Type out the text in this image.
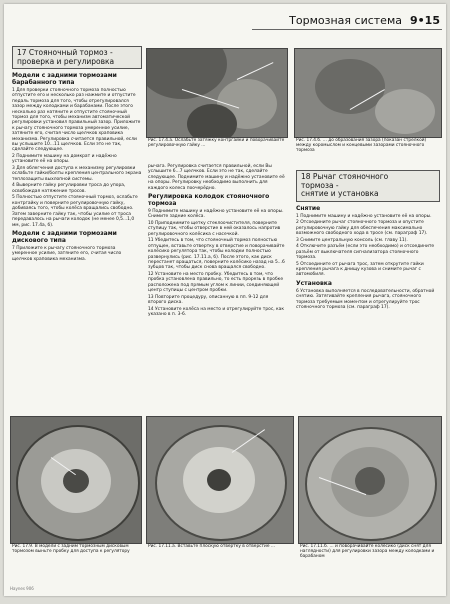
Тормозная система 9•15
17 Стояночный тормоз -
проверка и регулировка
Модели с задними тормозами
барабанного типа

1 Для проверки стояночного тормоза полностью отпустите его и несколько раз нажмите и отпустите педаль тормоза для того, чтобы отрегулировался зазор между колодками и барабанами. После этого несколько раз натяните и отпустите стояночный тормоз для того, чтобы механизм автоматической регулировки установил правильный зазор. Приложите к рычагу стояночного тормоза умеренное усилие, затяните его, считая число щелчков храповика механизма. Регулировка считается правильной, если вы услышите 10...11 щелчков. Если это не так, сделайте следующее.

2 Поднимите машину на домкрат и надёжно установите её на опоры.

3 Для облегчения доступа к механизму регулировки ослабьте гайки/болты крепления центрального экрана теплозащиты выхлопной системы.

4 Выверните гайку регулировки троса до упора, освобождая натяжение тросов.

5 Полностью отпустите стояночный тормоз, ослабьте контргайку и поверните регулировочную гайку, добиваясь того, чтобы колёса вращались свободно. Затем заверните гайку так, чтобы усилие от троса передавалось на рычаги колодок (не менее 0,5...1,0 мм, рис. 17.4а, б).

Модели с задними тормозами
дискового типа

7 Приложите к рычагу стояночного тормоза умеренное усилие, затяните его, считая число щелчков храповика механизма.

Рис. 17.4.а. Ослабьте затяжку контргайки и поворачивайте регулировочную гайку ...
Рис. 17.4.б. ... до образования зазора (показан стрелкой) между коромыслом и концевыми зазорами стояночного тормоза

рычага. Регулировка считается правильной, если Вы услышите 6...7 щелчков. Если это не так, сделайте следующее. Поднимите машину и надёжно установите её на опоры. Регулировку необходимо выполнить для каждого колеса поочерёдно.

Регулировка колодок стояночного тормоза

9 Поднимите машину и надёжно установите её на опоры. Снимите задние колёса.

10 Приподнимите щетку стеклоочистителя, поверните ступицу так, чтобы отверстие в ней оказалось напротив регулировочного колёсика с насечкой.

11 Убедитесь в том, что стояночный тормоз полностью отпущен, вставьте отвертку в отверстие и поворачивайте колёсико регулятора так, чтобы колодки полностью развернулись (рис. 17.11.а, б). После этого, как диск перестанет вращаться, поверните колёсико назад на 5...6 зубцов так, чтобы диск снова вращался свободно.

12 Установите на место пробку. Убедитесь в том, что пробка установлена правильно, то есть прорезь в пробке расположена под прямым углом к линии, соединяющей центр ступицы с центром пробки.

13 Повторите процедуру, описанную в пп. 9-12 для второго диска.

14 Установите колёса на место и отрегулируйте трос, как указано в п. 3-6.

18 Рычаг стояночного
тормоза -
снятие и установка
Снятие

1 Поднимите машину и надёжно установите её на опоры.

2 Отсоедините рычаг стояночного тормоза и опустите регулировочную гайку для обеспечения максимально возможного свободного хода в тросе (см. параграф 17).

3 Снимите центральную консоль (см. главу 11).

4 Отключите разъём (если это необходимо) и отсоедините разъём от выключателя сигнализатора стояночного тормоза.

5 Отсоедините от рычага трос, затем открутите гайки крепления рычага к днищу кузова и снимите рычаг с автомобиля.

Установка

6 Установка выполняется в последовательности, обратной снятию. Затягивайте крепления рычага, стояночного тормоза требуемым моментом и отрегулируйте трос стояночного тормоза (см. параграф 17).

Рис. 17.9. В модели с задним тормозным дисковым тормозом выньте пробку для доступа к регулятору
Рис. 17.11.а. Вставьте плоскую отвертку в отверстие ...	Рис. 17.11.б. ... и поворачивайте колёсико (диск снят для наглядности) для регулировки зазора между колодками и барабаном
Haynes 906
